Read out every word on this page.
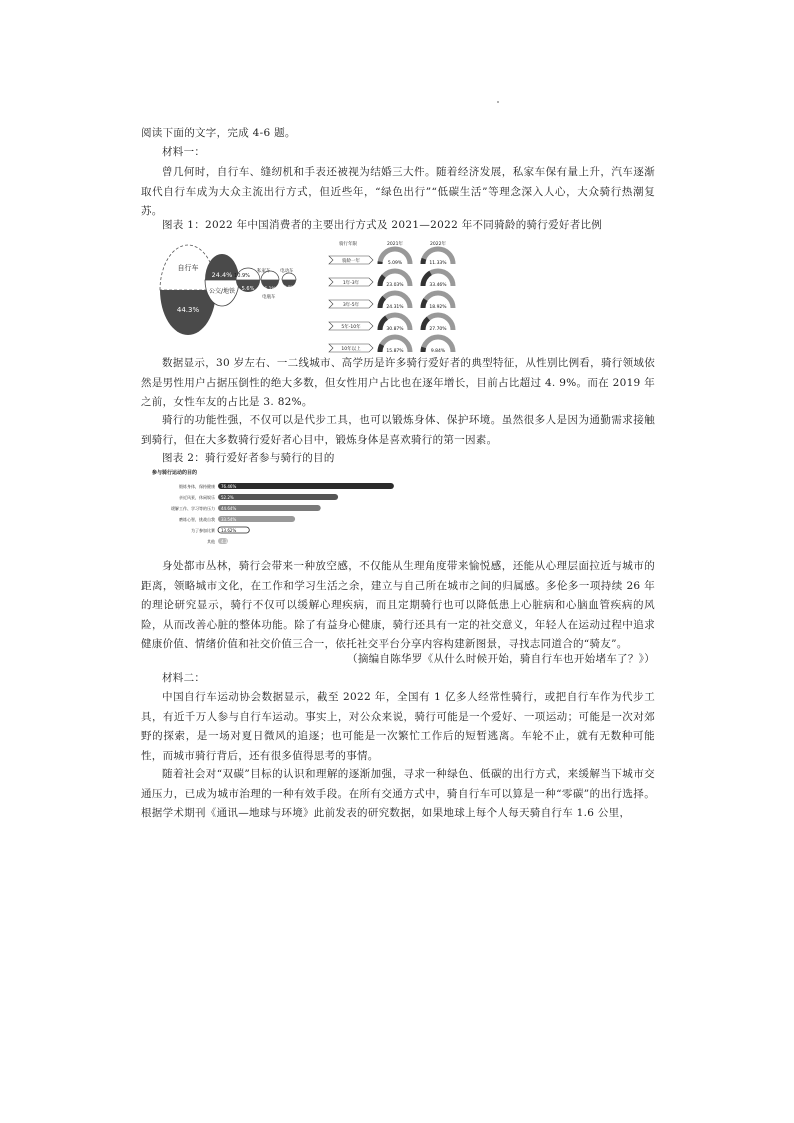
阅读下面的文字，完成 4-6 题。

材料一：

曾几何时，自行车、缝纫机和手表还被视为结婚三大件。随着经济发展，私家车保有量上升，汽车逐渐取代自行车成为大众主流出行方式，但近些年，“绿色出行”“低碳生活”等理念深入人心，大众骑行热潮复苏。

图表 1：2022 年中国消费者的主要出行方式及 2021—2022 年不同骑龄的骑行爱好者比例

自行车
44.3%
24.4%
公交/地铁
10.9%
私家车
5.6%
电瓶车
6.1%
电动车
1.8%
骑行年限	2021年	2022年
骑龄一年	5.09%	11.33%
1年-3年	23.03%	33.46%
3年-5年	24.31%	18.92%
5年-10年	30.87%	27.70%
10年以上	15.87%	9.84%

数据显示，30 岁左右、一二线城市、高学历是许多骑行爱好者的典型特征，从性别比例看，骑行领域依然是男性用户占据压倒性的绝大多数，但女性用户占比也在逐年增长，目前占比超过 4. 9%。而在 2019 年之前，女性车友的占比是 3. 82%。

骑行的功能性强，不仅可以是代步工具，也可以锻炼身体、保护环境。虽然很多人是因为通勤需求接触到骑行，但在大多数骑行爱好者心目中，锻炼身体是喜欢骑行的第一因素。

图表 2：骑行爱好者参与骑行的目的

参与骑行运动的目的
锻炼身体，保持健康 76.46%
亲近风景，休闲娱乐 52.2%
缓解工作、学习等的压力 44.64%
磨练心智，挑战自我 33.54%
为了参加比赛 13.62%
其他 4.32%

身处都市丛林，骑行会带来一种放空感，不仅能从生理角度带来愉悦感，还能从心理层面拉近与城市的距离，领略城市文化，在工作和学习生活之余，建立与自己所在城市之间的归属感。多伦多一项持续 26 年的理论研究显示，骑行不仅可以缓解心理疾病，而且定期骑行也可以降低患上心脏病和心脑血管疾病的风险，从而改善心脏的整体功能。除了有益身心健康，骑行还具有一定的社交意义，年轻人在运动过程中追求健康价值、情绪价值和社交价值三合一，依托社交平台分享内容构建新图景，寻找志同道合的“骑友”。

（摘编自陈华罗《从什么时候开始，骑自行车也开始堵车了？》）

材料二：

中国自行车运动协会数据显示，截至 2022 年，全国有 1 亿多人经常性骑行，或把自行车作为代步工具，有近千万人参与自行车运动。事实上，对公众来说，骑行可能是一个爱好、一项运动；可能是一次对郊野的探索，是一场对夏日微风的追逐；也可能是一次繁忙工作后的短暂逃离。车轮不止，就有无数种可能性，而城市骑行背后，还有很多值得思考的事情。

随着社会对“双碳”目标的认识和理解的逐渐加强，寻求一种绿色、低碳的出行方式，来缓解当下城市交通压力，已成为城市治理的一种有效手段。在所有交通方式中，骑自行车可以算是一种“零碳”的出行选择。根据学术期刊《通讯—地球与环境》此前发表的研究数据，如果地球上每个人每天骑自行车 1.6 公里，
